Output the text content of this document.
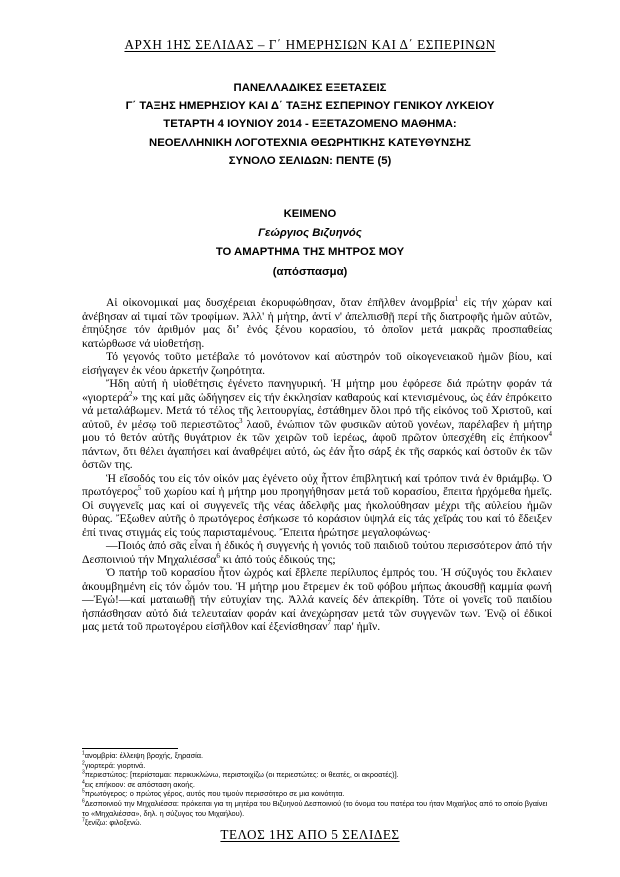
ΑΡΧΗ 1ΗΣ ΣΕΛΙΔΑΣ – Γ΄ ΗΜΕΡΗΣΙΩΝ ΚΑΙ Δ΄ ΕΣΠΕΡΙΝΩΝ
ΠΑΝΕΛΛΑΔΙΚΕΣ ΕΞΕΤΑΣΕΙΣ
Γ΄ ΤΑΞΗΣ ΗΜΕΡΗΣΙΟΥ ΚΑΙ Δ΄ ΤΑΞΗΣ ΕΣΠΕΡΙΝΟΥ ΓΕΝΙΚΟΥ ΛΥΚΕΙΟΥ
ΤΕΤΑΡΤΗ 4 ΙΟΥΝΙΟΥ 2014 - ΕΞΕΤΑΖΟΜΕΝΟ ΜΑΘΗΜΑ:
ΝΕΟΕΛΛΗΝΙΚΗ ΛΟΓΟΤΕΧΝΙΑ ΘΕΩΡΗΤΙΚΗΣ ΚΑΤΕΥΘΥΝΣΗΣ
ΣΥΝΟΛΟ ΣΕΛΙΔΩΝ: ΠΕΝΤΕ (5)
ΚΕΙΜΕΝΟ
Γεώργιος Βιζυηνός
ΤΟ ΑΜΑΡΤΗΜΑ ΤΗΣ ΜΗΤΡΟΣ ΜΟΥ
(απόσπασμα)

Αἱ οἰκονομικαί μας δυσχέρειαι ἐκορυφώθησαν, ὅταν ἐπῆλθεν ἀνομβρία$^1$ εἰς τήν χώραν καί ἀνέβησαν αἱ τιμαί τῶν τροφίμων. Ἀλλ' ἡ μήτηρ, ἀντί ν' ἀπελπισθῇ περί τῆς διατροφῆς ἡμῶν αὐτῶν, ἐπηύξησε τόν ἀριθμόν μας διʼ ἑνός ξένου κορασίου, τό ὁποῖον μετά μακρᾶς προσπαθείας κατώρθωσε νά υἱοθετήσῃ.

Τό γεγονός τοῦτο μετέβαλε τό μονότονον καί αὐστηρόν τοῦ οἰκογενειακοῦ ἡμῶν βίου, καί εἰσήγαγεν ἐκ νέου ἀρκετήν ζωηρότητα.

Ἤδη αὐτή ἡ υἱοθέτησις ἐγένετο πανηγυρική. Ἡ μήτηρ μου ἐφόρεσε διά πρώτην φοράν τά «γιορτερά$^2$» της καί μᾶς ὡδήγησεν εἰς τήν ἐκκλησίαν καθαρούς καί κτενισμένους, ὡς ἐάν ἐπρόκειτο νά μεταλάβωμεν. Μετά τό τέλος τῆς λειτουργίας, ἐστάθημεν ὅλοι πρό τῆς εἰκόνος τοῦ Χριστοῦ, καί αὐτοῦ, ἐν μέσῳ τοῦ περιεστῶτος$^3$ λαοῦ, ἐνώπιον τῶν φυσικῶν αὐτοῦ γονέων, παρέλαβεν ἡ μήτηρ μου τό θετόν αὐτῆς θυγάτριον ἐκ τῶν χειρῶν τοῦ ἱερέως, ἀφοῦ πρῶτον ὑπεσχέθη εἰς ἐπήκοον$^4$ πάντων, ὅτι θέλει ἀγαπήσει καί ἀναθρέψει αὐτό, ὡς ἐάν ἦτο σάρξ ἐκ τῆς σαρκός καί ὀστοῦν ἐκ τῶν ὀστῶν της.

Ἡ εἴσοδός του εἰς τόν οἰκόν μας ἐγένετο οὐχ ἧττον ἐπιβλητική καί τρόπον τινά ἐν θριάμβῳ. Ὁ πρωτόγερος$^5$ τοῦ χωρίου καί ἡ μήτηρ μου προηγήθησαν μετά τοῦ κορασίου, ἔπειτα ἠρχόμεθα ἡμεῖς. Οἱ συγγενεῖς μας καί οἱ συγγενεῖς τῆς νέας ἀδελφῆς μας ἠκολούθησαν μέχρι τῆς αὐλείου ἡμῶν θύρας. Ἔξωθεν αὐτῆς ὁ πρωτόγερος ἐσήκωσε τό κοράσιον ὑψηλά εἰς τάς χεῖράς του καί τό ἔδειξεν ἐπί τινας στιγμάς εἰς τούς παρισταμένους. Ἔπειτα ἠρώτησε μεγαλοφώνως·

—Ποιός ἀπό σᾶς εἶναι ἡ ἐδικός ἡ συγγενής ἡ γονιός τοῦ παιδιοῦ τούτου περισσότερον ἀπό τήν Δεσποινιού τήν Μηχαλιέσσα$^6$ κι ἀπό τούς ἐδικούς της;

Ὁ πατήρ τοῦ κορασίου ἦτον ὠχρός καί ἔβλεπε περίλυπος ἐμπρός του. Ἡ σύζυγός του ἔκλαιεν ἀκουμβημένη εἰς τόν ὦμόν του. Ἡ μήτηρ μου ἔτρεμεν ἐκ τοῦ φόβου μήπως ἀκουσθῇ καμμία φωνή—Ἐγώ!—καί ματαιωθῇ τήν εὐτυχίαν της. Ἀλλά κανείς δέν ἀπεκρίθη. Τότε οἱ γονεῖς τοῦ παιδίου ἠσπάσθησαν αὐτό διά τελευταίαν φοράν καί ἀνεχώρησαν μετά τῶν συγγενῶν των. Ἐνῷ οἱ ἐδικοί μας μετά τοῦ πρωτογέρου εἰσῆλθον καί ἐξενίσθησαν$^7$ παρ' ἡμῖν.

$^1$ανομβρία: έλλειψη βροχής, ξηρασία.
$^2$γιορτερά: γιορτινά.
$^3$περιεστώτος: [περιίσταμαι: περικυκλώνω, περιστοιχίζω (οι περιεστώτες: οι θεατές, οι ακροατές)].
$^4$εις επήκοον: σε απόσταση ακοής.
$^5$πρωτόγερος: ο πρώτος γέρος, αυτός που τιμούν περισσότερο σε μια κοινότητα.
$^6$Δεσποινιού την Μηχαλιέσσα: πρόκειται για τη μητέρα του Βιζυηνού Δεσποινιού (το όνομα του πατέρα του ήταν Μιχαήλος από το οποίο βγαίνει το «Μηχαλιέσσα», δηλ. η σύζυγος του Μιχαήλου).
$^7$ξενίζω: φιλοξενώ.
ΤΕΛΟΣ 1ΗΣ ΑΠΟ 5 ΣΕΛΙΔΕΣ
